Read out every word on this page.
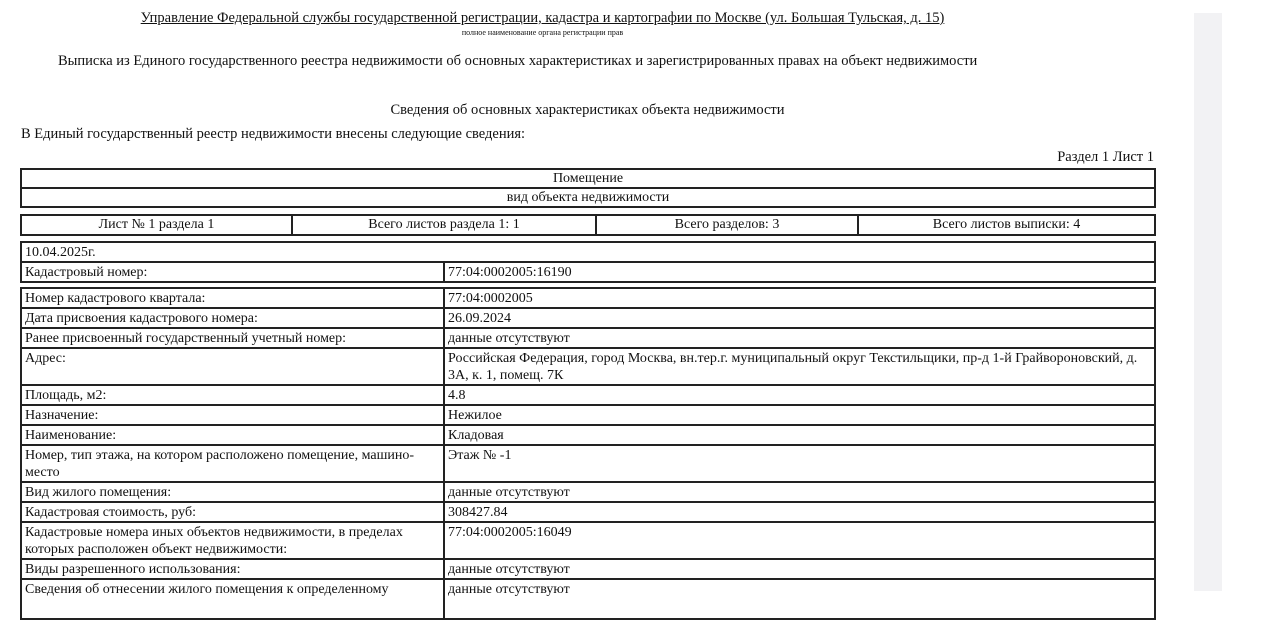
Управление Федеральной службы государственной регистрации, кадастра и картографии по Москве (ул. Большая Тульская, д. 15)
полное наименование органа регистрации прав
Выписка из Единого государственного реестра недвижимости об основных характеристиках и зарегистрированных правах на объект недвижимости
Сведения об основных характеристиках объекта недвижимости
В Единый государственный реестр недвижимости внесены следующие сведения:
Раздел 1 Лист 1
Помещение
вид объекта недвижимости
Лист № 1 раздела 1	Всего листов раздела 1: 1	Всего разделов: 3	Всего листов выписки: 4
10.04.2025г.
Кадастровый номер:	77:04:0002005:16190
Номер кадастрового квартала:	77:04:0002005
Дата присвоения кадастрового номера:	26.09.2024
Ранее присвоенный государственный учетный номер:	данные отсутствуют
Адрес:	Российская Федерация, город Москва, вн.тер.г. муниципальный округ Текстильщики, пр-д 1-й Грайвороновский, д. 3А, к. 1, помещ. 7К
Площадь, м2:	4.8
Назначение:	Нежилое
Наименование:	Кладовая
Номер, тип этажа, на котором расположено помещение, машино-место	Этаж № -1
Вид жилого помещения:	данные отсутствуют
Кадастровая стоимость, руб:	308427.84
Кадастровые номера иных объектов недвижимости, в пределах которых расположен объект недвижимости:	77:04:0002005:16049
Виды разрешенного использования:	данные отсутствуют
Сведения об отнесении жилого помещения к определенному	данные отсутствуют
